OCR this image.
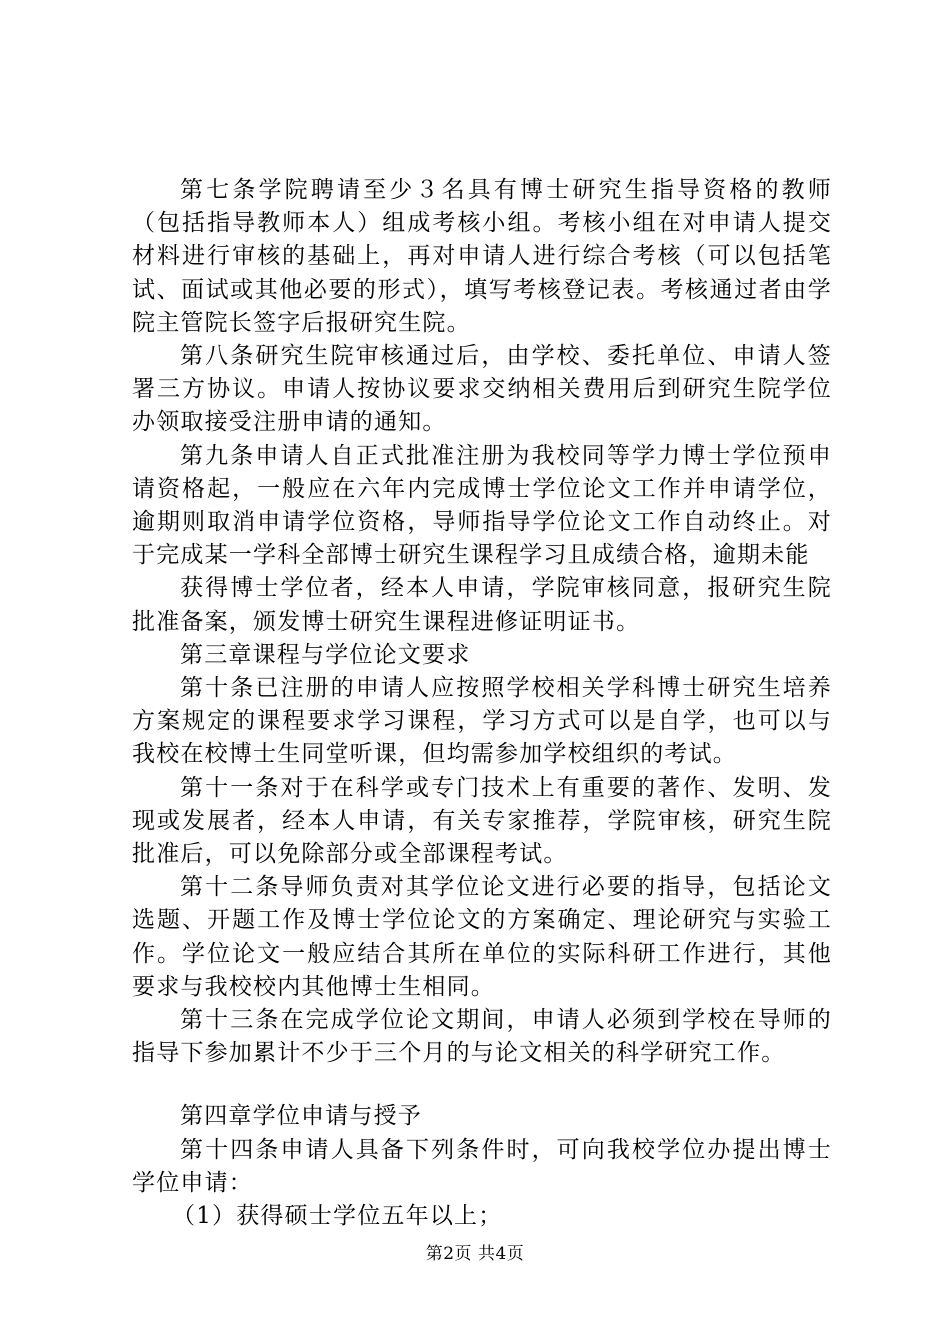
第七条学院聘请至少３名具有博士研究生指导资格的教师（包括指导教师本人）组成考核小组。考核小组在对申请人提交材料进行审核的基础上，再对申请人进行综合考核（可以包括笔试、面试或其他必要的形式），填写考核登记表。考核通过者由学院主管院长签字后报研究生院。

第八条研究生院审核通过后，由学校、委托单位、申请人签署三方协议。申请人按协议要求交纳相关费用后到研究生院学位办领取接受注册申请的通知。

第九条申请人自正式批准注册为我校同等学力博士学位预申请资格起，一般应在六年内完成博士学位论文工作并申请学位，逾期则取消申请学位资格，导师指导学位论文工作自动终止。对于完成某一学科全部博士研究生课程学习且成绩合格，逾期未能

获得博士学位者，经本人申请，学院审核同意，报研究生院批准备案，颁发博士研究生课程进修证明证书。

第三章课程与学位论文要求

第十条已注册的申请人应按照学校相关学科博士研究生培养方案规定的课程要求学习课程，学习方式可以是自学，也可以与我校在校博士生同堂听课，但均需参加学校组织的考试。

第十一条对于在科学或专门技术上有重要的著作、发明、发现或发展者，经本人申请，有关专家推荐，学院审核，研究生院批准后，可以免除部分或全部课程考试。

第十二条导师负责对其学位论文进行必要的指导，包括论文选题、开题工作及博士学位论文的方案确定、理论研究与实验工作。学位论文一般应结合其所在单位的实际科研工作进行，其他要求与我校校内其他博士生相同。

第十三条在完成学位论文期间，申请人必须到学校在导师的指导下参加累计不少于三个月的与论文相关的科学研究工作。

第四章学位申请与授予

第十四条申请人具备下列条件时，可向我校学位办提出博士学位申请：

（1）获得硕士学位五年以上；

第2页 共4页
